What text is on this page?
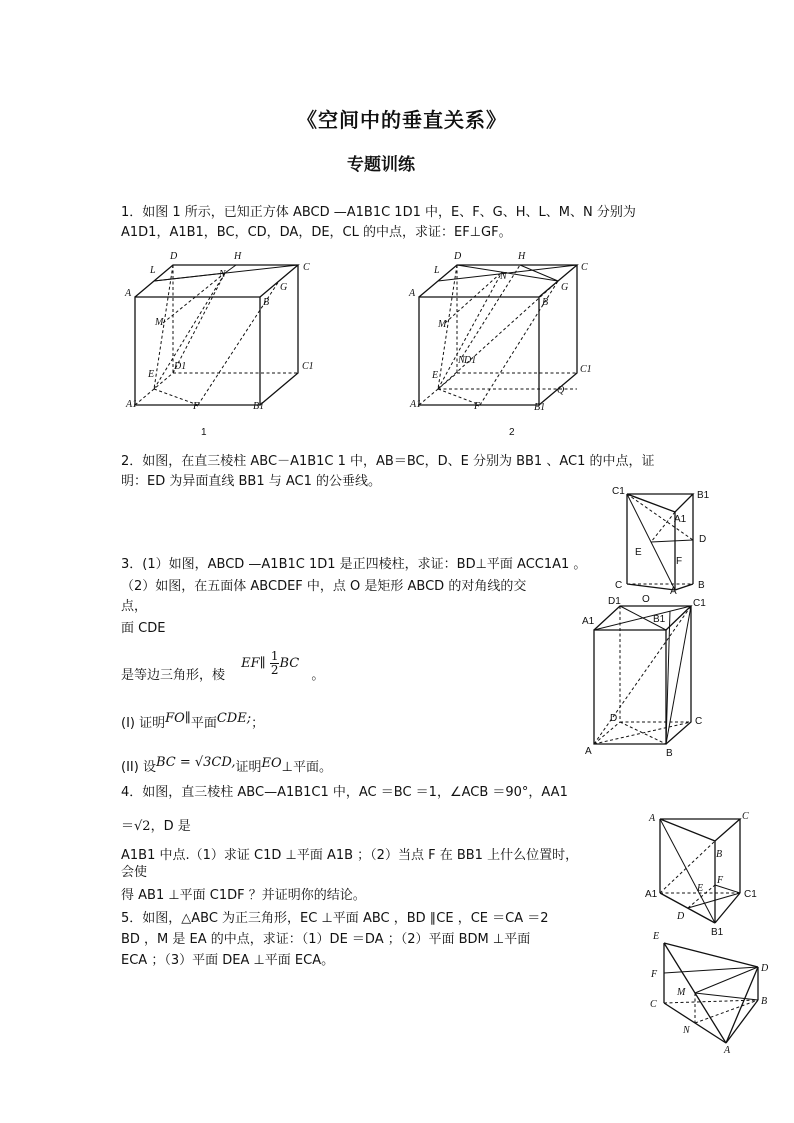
《空间中的垂直关系》
专题训练
1．如图 1 所示，已知正方体 ABCD —A1B1C 1D1 中，E、F、G、H、L、M、N 分别为
A1D1，A1B1，BC，CD，DA，DE，CL 的中点，求证：EF⊥GF。
D	H
L	C
A
N
G
B
M
E
D1	C1
A1	F	B1
1
D	H
L	C
A
N
G
B
M
N D1
E
C1
Q
A1	F	B1
2
2．如图，在直三棱柱 ABC－A1B1C 1 中，AB＝BC，D、E 分别为 BB1 、AC1 的中点，证
明：ED 为异面直线 BB1 与 AC1 的公垂线。
C1	B1
A1
D
E
F
C	B
A
3．(1）如图，ABCD —A1B1C 1D1 是正四棱柱，求证：BD⊥平面 ACC1A1 。
（2）如图，在五面体 ABCDEF 中，点 O 是矩形 ABCD 的对角线的交
点，
面 CDE
是等边三角形，棱 EF∥ $\frac{1}{2}$ BC 。
(I) 证明FO∥平面CDE;；
(II) 设BC = √3CD,证明EO⊥平面。
D1	C1
A1	B1
D	C
A	B
O
4．如图，直三棱柱 ABC—A1B1C1 中，AC ＝BC ＝1，∠ACB ＝90°，AA1
＝√2，D 是
A1B1 中点.（1）求证 C1D ⊥平面 A1B ；（2）当点 F 在 BB1 上什么位置时，
会使
得 AB1 ⊥平面 C1DF ？并证明你的结论。
A	C
B
A1
E
F
C1
D
B1
5．如图，△ABC 为正三角形，EC ⊥平面 ABC ，BD ∥CE ，CE ＝CA ＝2
BD ，M 是 EA 的中点，求证：（1）DE ＝DA ；（2）平面 BDM ⊥平面
ECA ；（3）平面 DEA ⊥平面 ECA。
E
F
D
C
M
B
N
A
